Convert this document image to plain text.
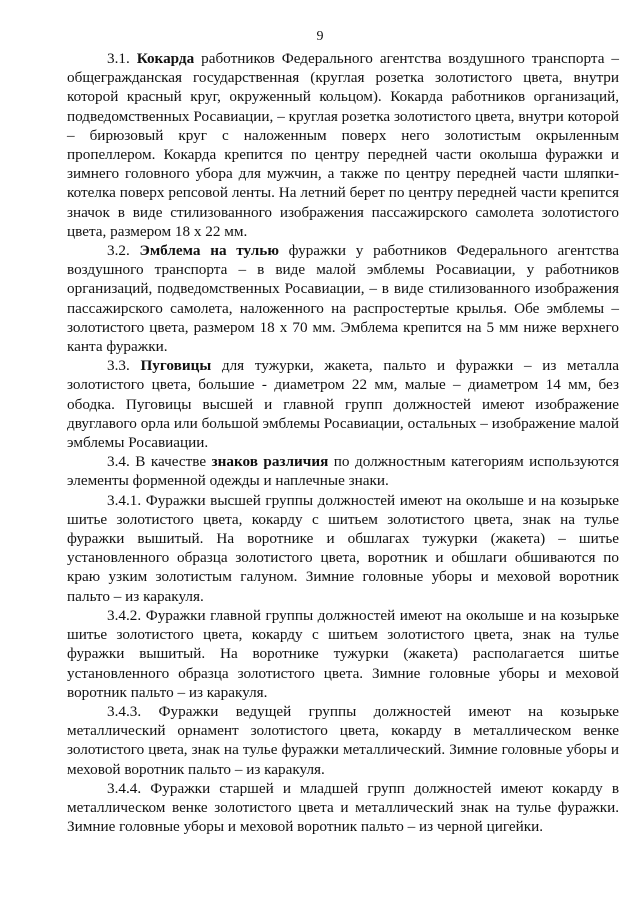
9

3.1. Кокарда работников Федерального агентства воздушного транспорта – общегражданская государственная (круглая розетка золотистого цвета, внутри которой красный круг, окруженный кольцом). Кокарда работников организаций, подведомственных Росавиации, – круглая розетка золотистого цвета, внутри которой – бирюзовый круг с наложенным поверх него золотистым окрыленным пропеллером. Кокарда крепится по центру передней части околыша фуражки и зимнего головного убора для мужчин, а также по центру передней части шляпки-котелка поверх репсовой ленты. На летний берет по центру передней части крепится значок в виде стилизованного изображения пассажирского самолета золотистого цвета, размером 18 х 22 мм.

3.2. Эмблема на тулью фуражки у работников Федерального агентства воздушного транспорта – в виде малой эмблемы Росавиации, у работников организаций, подведомственных Росавиации, – в виде стилизованного изображения пассажирского самолета, наложенного на распростертые крылья. Обе эмблемы – золотистого цвета, размером 18 х 70 мм. Эмблема крепится на 5 мм ниже верхнего канта фуражки.

3.3. Пуговицы для тужурки, жакета, пальто и фуражки – из металла золотистого цвета, большие - диаметром 22 мм, малые – диаметром 14 мм, без ободка. Пуговицы высшей и главной групп должностей имеют изображение двуглавого орла или большой эмблемы Росавиации, остальных – изображение малой эмблемы Росавиации.

3.4. В качестве знаков различия по должностным категориям используются элементы форменной одежды и наплечные знаки.

3.4.1. Фуражки высшей группы должностей имеют на околыше и на козырьке шитье золотистого цвета, кокарду с шитьем золотистого цвета, знак на тулье фуражки вышитый. На воротнике и обшлагах тужурки (жакета) – шитье установленного образца золотистого цвета, воротник и обшлаги обшиваются по краю узким золотистым галуном. Зимние головные уборы и меховой воротник пальто – из каракуля.

3.4.2. Фуражки главной группы должностей имеют на околыше и на козырьке шитье золотистого цвета, кокарду с шитьем золотистого цвета, знак на тулье фуражки вышитый. На воротнике тужурки (жакета) располагается шитье установленного образца золотистого цвета. Зимние головные уборы и меховой воротник пальто – из каракуля.

3.4.3. Фуражки ведущей группы должностей имеют на козырьке металлический орнамент золотистого цвета, кокарду в металлическом венке золотистого цвета, знак на тулье фуражки металлический. Зимние головные уборы и меховой воротник пальто – из каракуля.

3.4.4. Фуражки старшей и младшей групп должностей имеют кокарду в металлическом венке золотистого цвета и металлический знак на тулье фуражки. Зимние головные уборы и меховой воротник пальто – из черной цигейки.
